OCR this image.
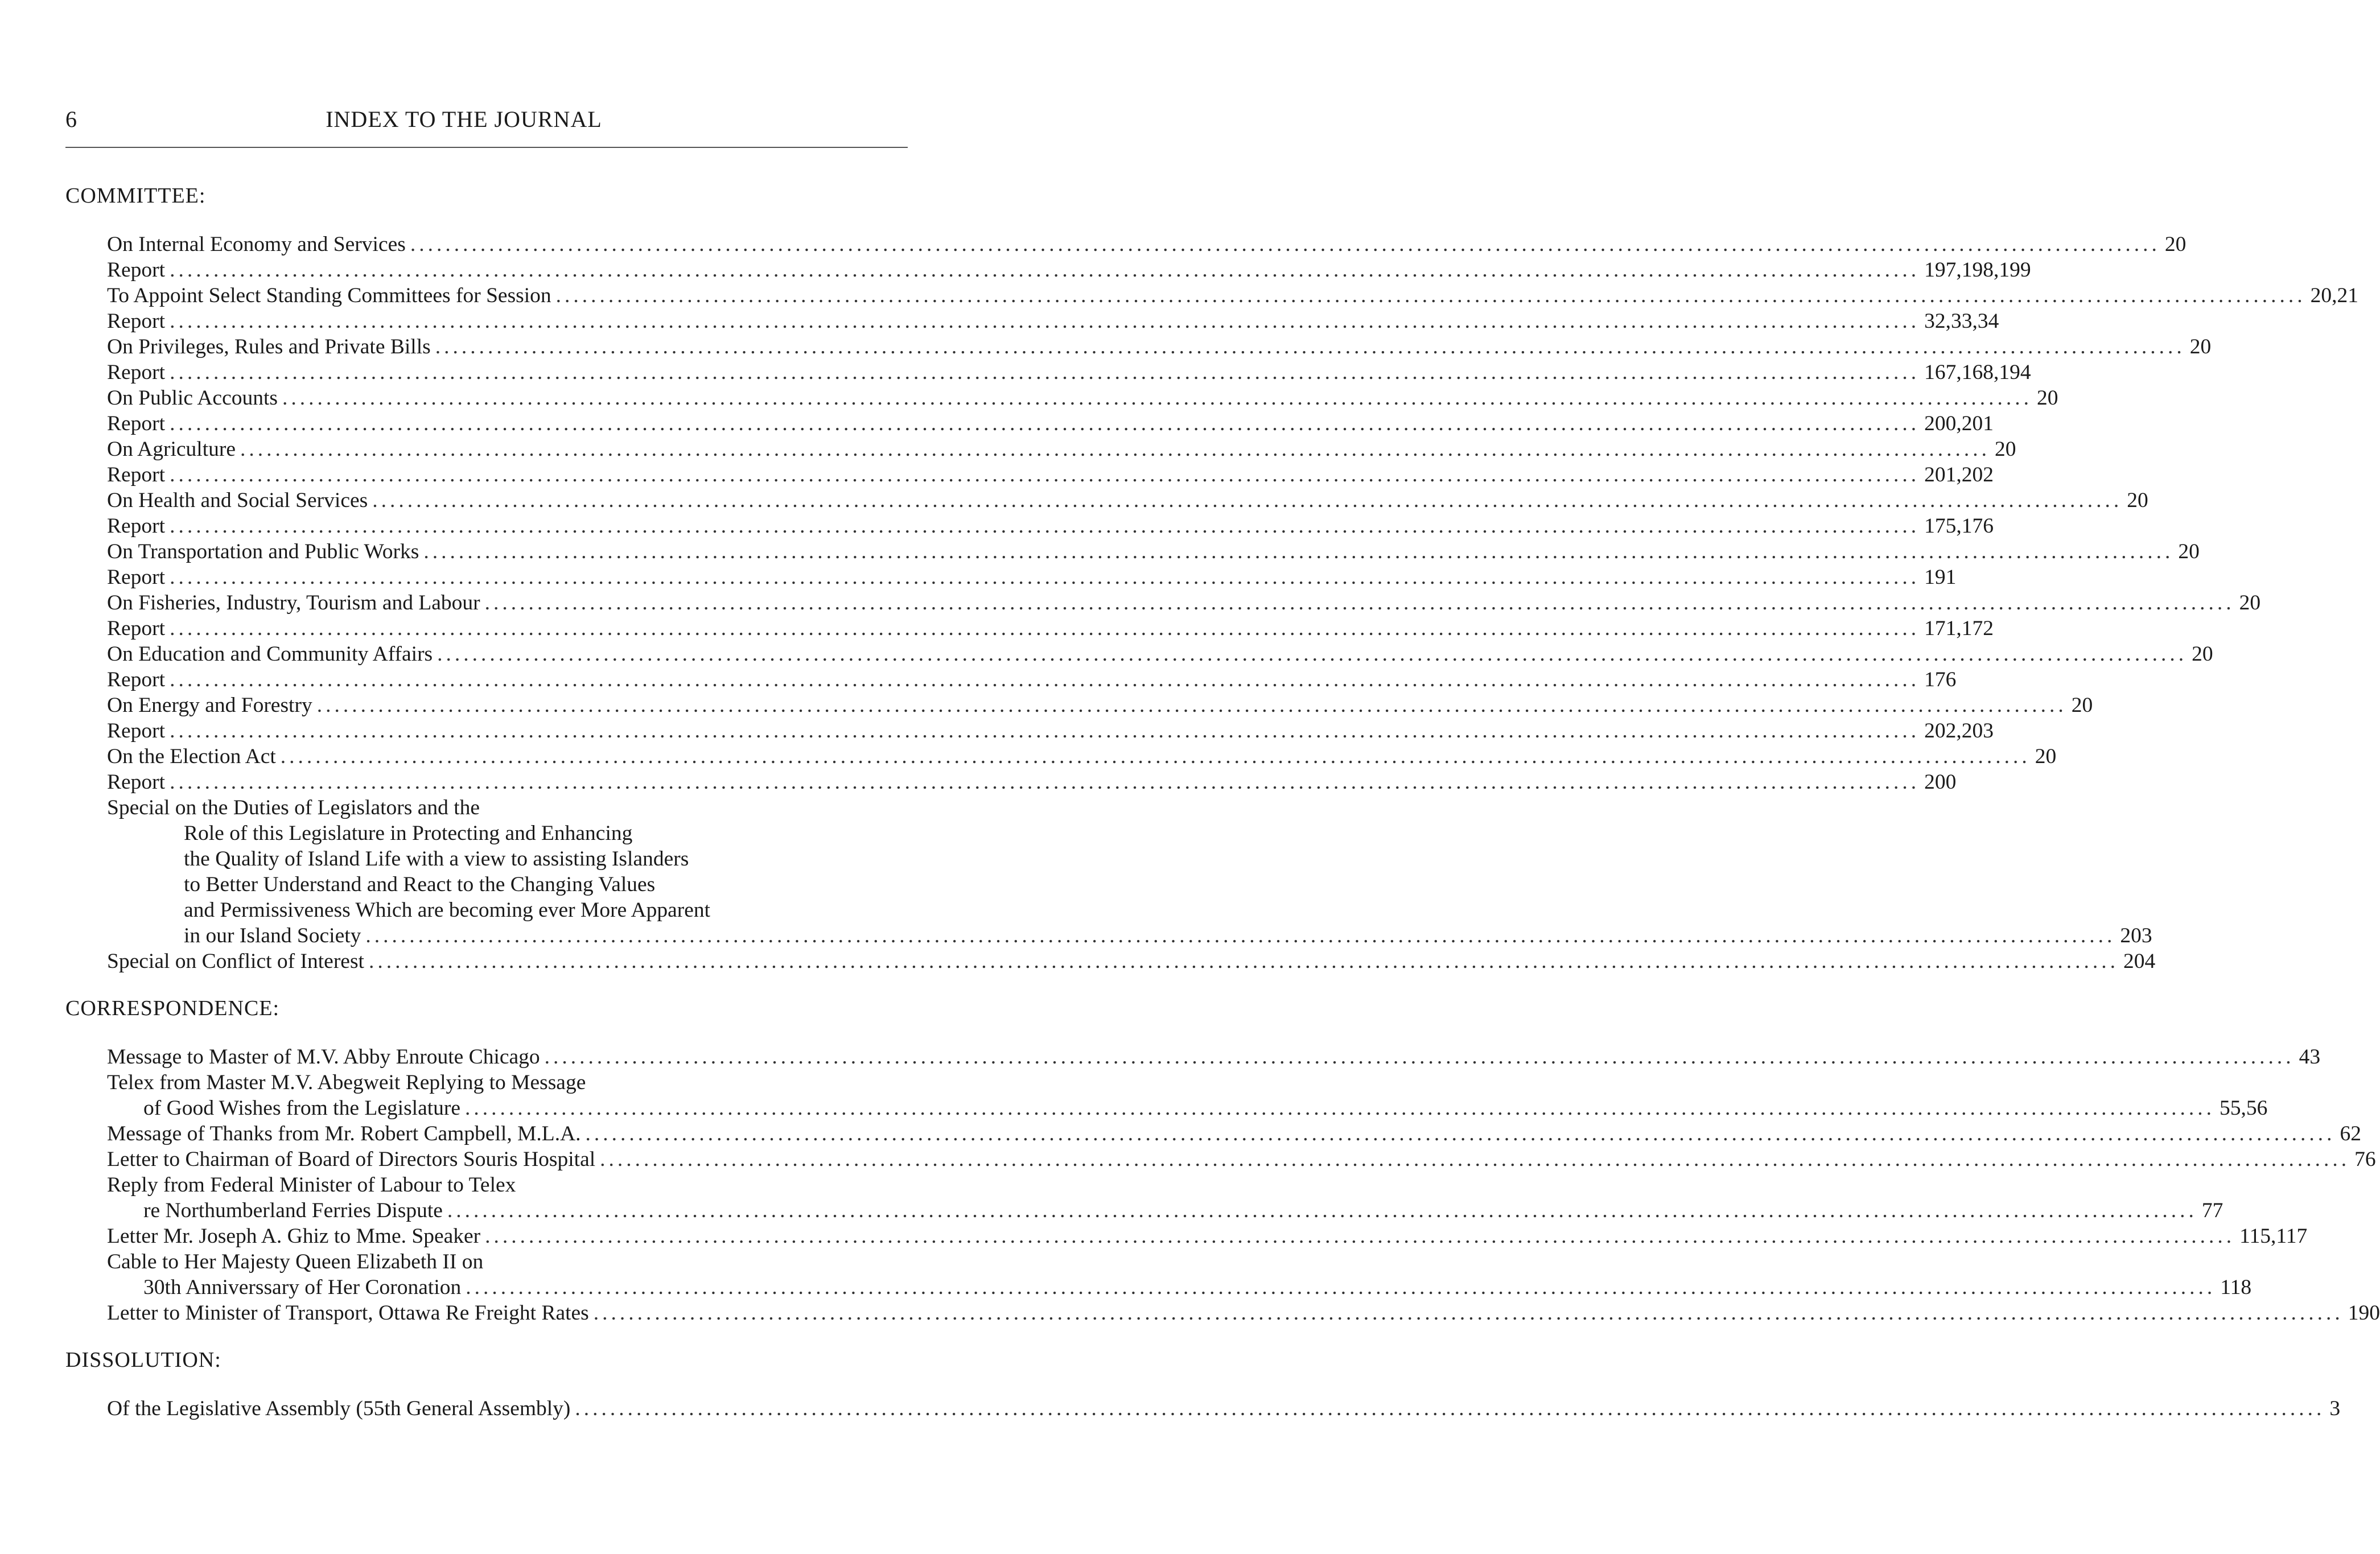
6	INDEX TO THE JOURNAL
COMMITTEE:
On Internal Economy and Services ........................................................................................................................................................................................................ 20
Report ........................................................................................................................................................................................................ 197,198,199
To Appoint Select Standing Committees for Session ........................................................................................................................................................................................................ 20,21
Report ........................................................................................................................................................................................................ 32,33,34
On Privileges, Rules and Private Bills ........................................................................................................................................................................................................ 20
Report ........................................................................................................................................................................................................ 167,168,194
On Public Accounts ........................................................................................................................................................................................................ 20
Report ........................................................................................................................................................................................................ 200,201
On Agriculture ........................................................................................................................................................................................................ 20
Report ........................................................................................................................................................................................................ 201,202
On Health and Social Services ........................................................................................................................................................................................................ 20
Report ........................................................................................................................................................................................................ 175,176
On Transportation and Public Works ........................................................................................................................................................................................................ 20
Report ........................................................................................................................................................................................................ 191
On Fisheries, Industry, Tourism and Labour ........................................................................................................................................................................................................ 20
Report ........................................................................................................................................................................................................ 171,172
On Education and Community Affairs ........................................................................................................................................................................................................ 20
Report ........................................................................................................................................................................................................ 176
On Energy and Forestry ........................................................................................................................................................................................................ 20
Report ........................................................................................................................................................................................................ 202,203
On the Election Act ........................................................................................................................................................................................................ 20
Report ........................................................................................................................................................................................................ 200
Special on the Duties of Legislators and the
Role of this Legislature in Protecting and Enhancing
the Quality of Island Life with a view to assisting Islanders
to Better Understand and React to the Changing Values
and Permissiveness Which are becoming ever More Apparent
in our Island Society ........................................................................................................................................................................................................ 203
Special on Conflict of Interest ........................................................................................................................................................................................................ 204
CORRESPONDENCE:
Message to Master of M.V. Abby Enroute Chicago ........................................................................................................................................................................................................ 43
Telex from Master M.V. Abegweit Replying to Message
of Good Wishes from the Legislature ........................................................................................................................................................................................................ 55,56
Message of Thanks from Mr. Robert Campbell, M.L.A. ........................................................................................................................................................................................................ 62
Letter to Chairman of Board of Directors Souris Hospital ........................................................................................................................................................................................................ 76
Reply from Federal Minister of Labour to Telex
re Northumberland Ferries Dispute ........................................................................................................................................................................................................ 77
Letter Mr. Joseph A. Ghiz to Mme. Speaker ........................................................................................................................................................................................................ 115,117
Cable to Her Majesty Queen Elizabeth II on
30th Anniverssary of Her Coronation ........................................................................................................................................................................................................ 118
Letter to Minister of Transport, Ottawa Re Freight Rates ........................................................................................................................................................................................................ 190
DISSOLUTION:
Of the Legislative Assembly (55th General Assembly) ........................................................................................................................................................................................................ 3
